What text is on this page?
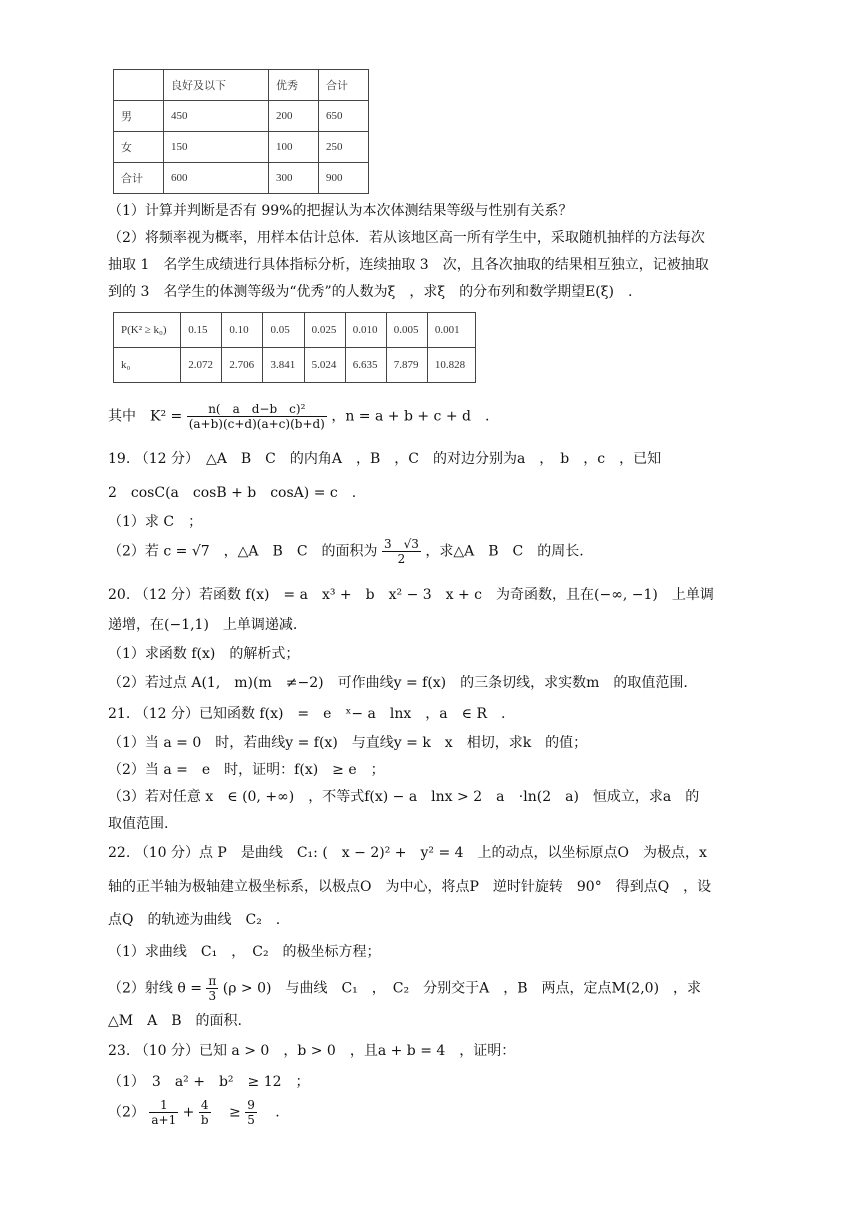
	良好及以下	优秀	合计
男	450	200	650
女	150	100	250
合计	600	300	900
（1）计算并判断是否有 99%的把握认为本次体测结果等级与性别有关系？
（2）将频率视为概率，用样本估计总体．若从该地区高一所有学生中，采取随机抽样的方法每次
抽取 1　名学生成绩进行具体指标分析，连续抽取 3　次，且各次抽取的结果相互独立，记被抽取
到的 3　名学生的体测等级为“优秀”的人数为ξ　，求ξ　的分布列和数学期望E(ξ)　.
P(K² ≥ k₀)	0.15	0.10	0.05	0.025	0.010	0.005	0.001
k₀	2.072	2.706	3.841	5.024	6.635	7.879	10.828
其中　$K^2 = \frac{\text{n(　a　d−b　c)²}}{(a+b)(c+d)(a+c)(b+d)}$ ，n = a + b + c + d　.
19. （12 分）　△A　B　C　的内角A　，B　，C　的对边分别为a　，　b　，c　，已知
2　cosC(a　cosB + b　cosA) = c　.
（1）求 C　；
（2）若 c = √7　，△A　B　C　的面积为 $\frac{3 √3}{2}$ ，求△A　B　C　的周长.
20. （12 分）若函数 f(x)　= a　x³ +　b　x² − 3　x + c　为奇函数，且在(−∞, −1)　上单调
递增，在(−1,1)　上单调递减.
（1）求函数 f(x)　的解析式；
（2）若过点 A(1,　m)(m　≠−2)　可作曲线y = f(x)　的三条切线，求实数m　的取值范围.
21. （12 分）已知函数 f(x)　=　e　ˣ− a　lnx　，a　∈ R　.
（1）当 a = 0　时，若曲线y = f(x)　与直线y = k　x　相切，求k　的值；
（2）当 a =　e　时，证明：f(x)　≥ e　；
（3）若对任意 x　∈ (0, +∞)　，不等式f(x) − a　lnx > 2　a　⋅ln(2　a)　恒成立，求a　的
取值范围.
22. （10 分）点 P　是曲线　C₁: (　x − 2)² +　y² = 4　上的动点，以坐标原点O　为极点，x
轴的正半轴为极轴建立极坐标系，以极点O　为中心，将点P　逆时针旋转　90°　得到点Q　，设
点Q　的轨迹为曲线　C₂　.
（1）求曲线　C₁　，　C₂　的极坐标方程；
（2）射线 $\theta = \frac{\pi}{3} (\rho > 0)$　与曲线　C₁　，　C₂　分别交于A　，B　两点，定点M(2,0)　，求
△M　A　B　的面积.
23. （10 分）已知 a > 0　，b > 0　，且a + b = 4　，证明：
（1）　3　a² +　b²　≥ 12　；
$(2) \frac{1}{a+1} + \frac{4}{b}$ 　≥ $\frac{9}{5}$ 　.
